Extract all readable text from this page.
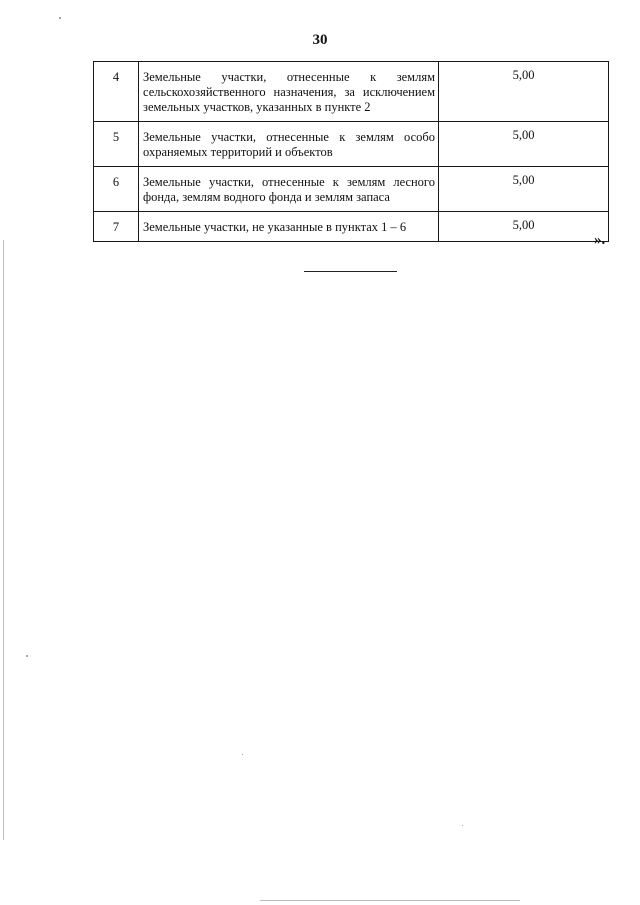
30
4	Земельные участки, отнесенные к землям сельскохозяйственного назначения, за исключением земельных участков, указанных в пункте 2	5,00
5	Земельные участки, отнесенные к землям особо охраняемых территорий и объектов	5,00
6	Земельные участки, отнесенные к землям лесного фонда, землям водного фонда и землям запаса	5,00
7	Земельные участки, не указанные в пунктах 1 – 6	5,00
».
